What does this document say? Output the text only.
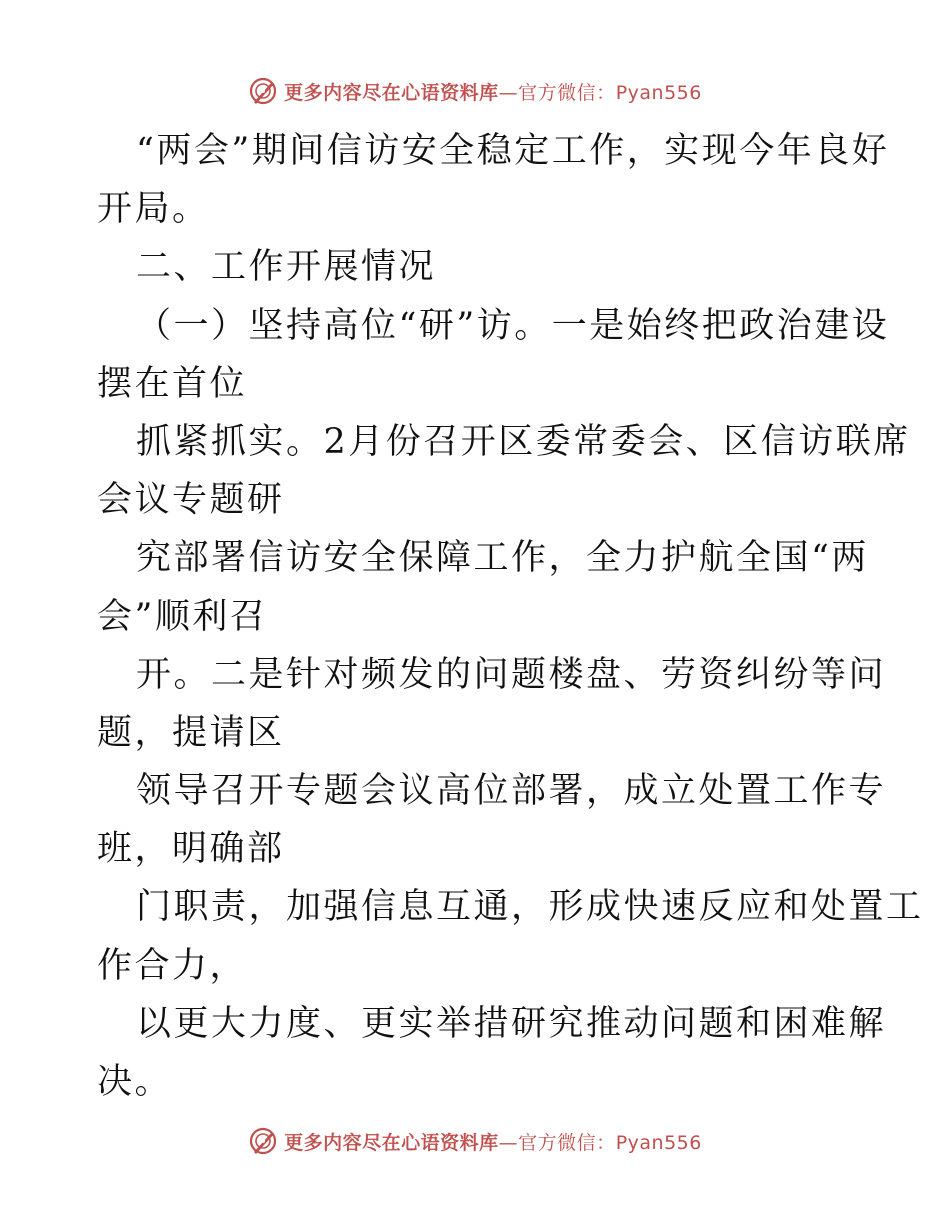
更多内容尽在心语资料库—官方微信：Pyan556
“两会”期间信访安全稳定工作，实现今年良好
开局。
二、工作开展情况
（一）坚持高位“研”访。一是始终把政治建设
摆在首位
抓紧抓实。2月份召开区委常委会、区信访联席
会议专题研
究部署信访安全保障工作，全力护航全国“两
会”顺利召
开。二是针对频发的问题楼盘、劳资纠纷等问
题，提请区
领导召开专题会议高位部署，成立处置工作专
班，明确部
门职责，加强信息互通，形成快速反应和处置工
作合力，
以更大力度、更实举措研究推动问题和困难解
决。
更多内容尽在心语资料库—官方微信：Pyan556
